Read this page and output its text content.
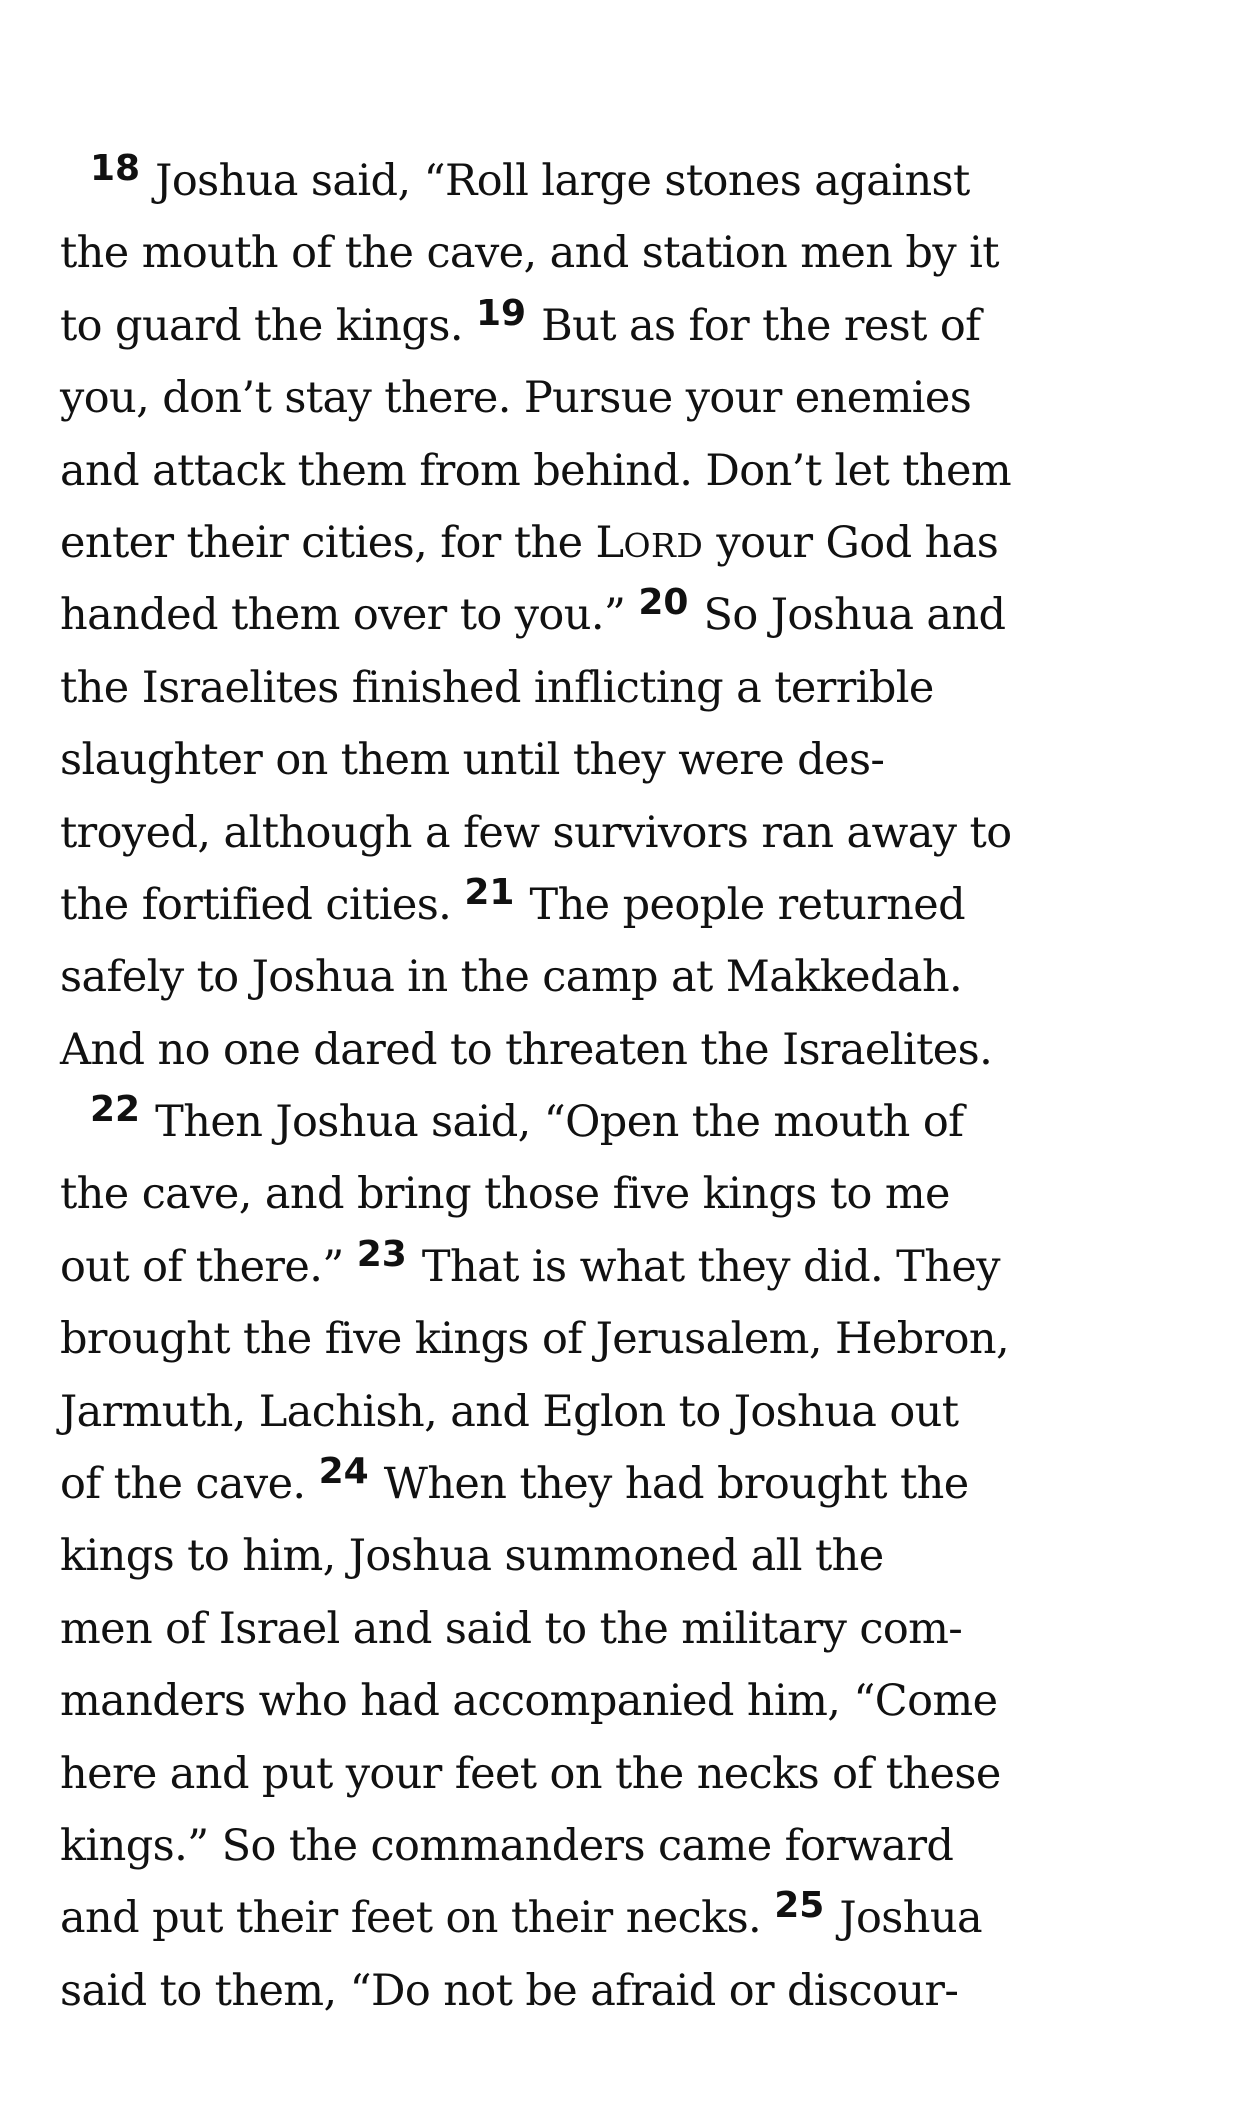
$^{18}$ Joshua said, “Roll large stones against
the mouth of the cave, and station men by it
to guard the kings. $^{19}$ But as for the rest of
you, don’t stay there. Pursue your enemies
and attack them from behind. Don’t let them
enter their cities, for the LORD your God has
handed them over to you.” $^{20}$ So Joshua and
the Israelites finished inflicting a terrible
slaughter on them until they were des-
troyed, although a few survivors ran away to
the fortified cities. $^{21}$ The people returned
safely to Joshua in the camp at Makkedah.
And no one dared to threaten the Israelites.
$^{22}$ Then Joshua said, “Open the mouth of
the cave, and bring those five kings to me
out of there.” $^{23}$ That is what they did. They
brought the five kings of Jerusalem, Hebron,
Jarmuth, Lachish, and Eglon to Joshua out
of the cave. $^{24}$ When they had brought the
kings to him, Joshua summoned all the
men of Israel and said to the military com-
manders who had accompanied him, “Come
here and put your feet on the necks of these
kings.” So the commanders came forward
and put their feet on their necks. $^{25}$ Joshua
said to them, “Do not be afraid or discour-
